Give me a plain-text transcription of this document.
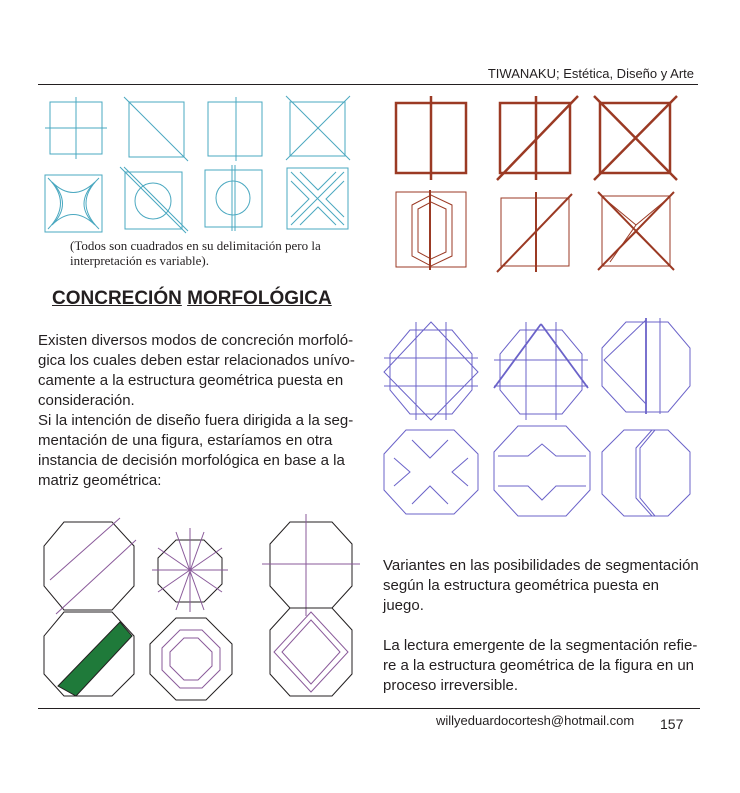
TIWANAKU; Estética, Diseño y Arte
(Todos son cuadrados en su delimitación pero la
interpretación es variable).
CONCRECIÓN MORFOLÓGICA

Existen diversos modos de concreción morfoló-

gica los cuales deben estar relacionados unívo-

camente a la estructura geométrica puesta en

consideración.

Si la intención de diseño fuera dirigida a la seg-

mentación de una figura, estaríamos en otra

instancia de decisión morfológica en base a la

matriz geométrica:

Variantes en las posibilidades de segmentación
según la estructura geométrica puesta en
juego.

La lectura emergente de la segmentación refie-
re a la estructura geométrica de la figura en un
proceso irreversible.

willyeduardocortesh@hotmail.com 157
